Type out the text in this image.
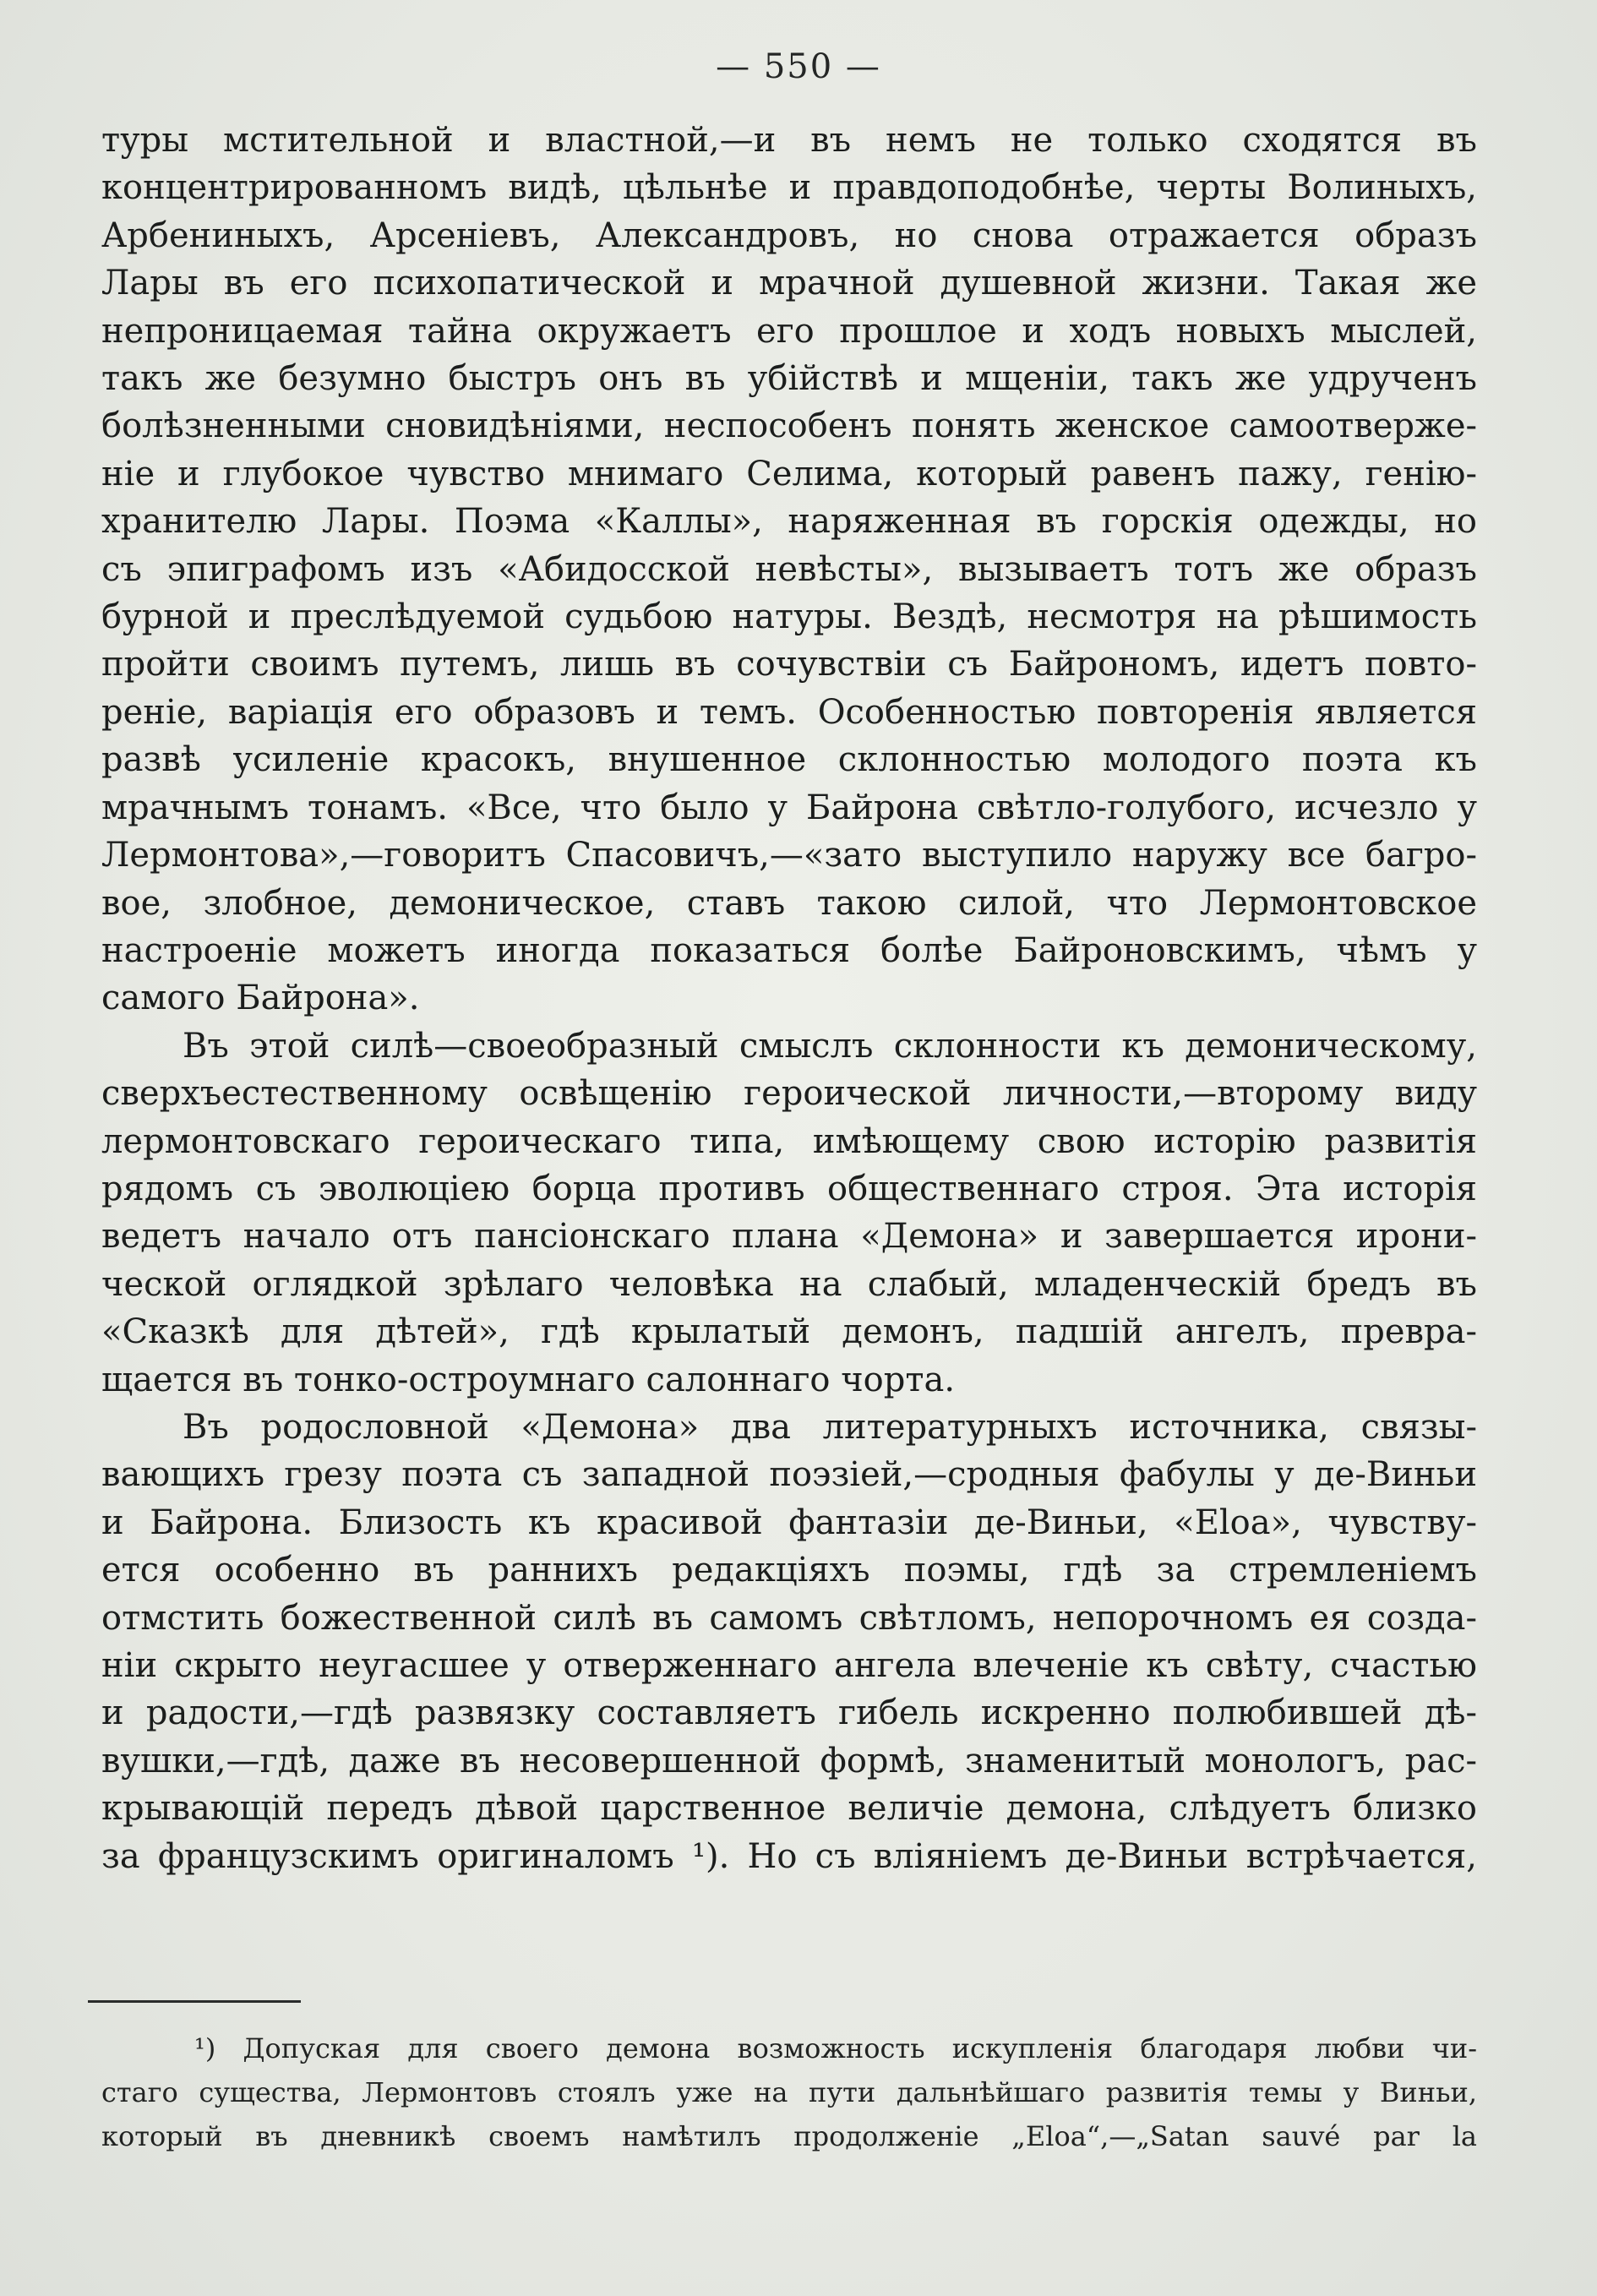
— 550 —

туры мстительной и властной,—и въ немъ не только сходятся въ
концентрированномъ видѣ, цѣльнѣе и правдоподобнѣе, черты Волиныхъ,
Арбениныхъ, Арсенiевъ, Александровъ, но снова отражается образъ
Лары въ его психопатической и мрачной душевной жизни. Такая же
непроницаемая тайна окружаетъ его прошлое и ходъ новыхъ мыслей,
такъ же безумно быстръ онъ въ убiйствѣ и мщенiи, такъ же удрученъ
болѣзненными сновидѣнiями, неспособенъ понять женское самоотверже-
нiе и глубокое чувство мнимаго Селима, который равенъ пажу, генiю-
хранителю Лары. Поэма «Каллы», наряженная въ горскiя одежды, но
съ эпиграфомъ изъ «Абидосской невѣсты», вызываетъ тотъ же образъ
бурной и преслѣдуемой судьбою натуры. Вездѣ, несмотря на рѣшимость
пройти своимъ путемъ, лишь въ сочувствiи съ Байрономъ, идетъ повто-
ренiе, варiацiя его образовъ и темъ. Особенностью повторенiя является
развѣ усиленiе красокъ, внушенное склонностью молодого поэта къ
мрачнымъ тонамъ. «Все, что было у Байрона свѣтло-голубого, исчезло у
Лермонтова»,—говоритъ Спасовичъ,—«зато выступило наружу все багро-
вое, злобное, демоническое, ставъ такою силой, что Лермонтовское
настроенiе можетъ иногда показаться болѣе Байроновскимъ, чѣмъ у
самого Байрона».

Въ этой силѣ—своеобразный смыслъ склонности къ демоническому,
сверхъестественному освѣщенiю героической личности,—второму виду
лермонтовскаго героическаго типа, имѣющему свою исторiю развитiя
рядомъ съ эволюцiею борца противъ общественнаго строя. Эта исторiя
ведетъ начало отъ пансiонскаго плана «Демона» и завершается ирони-
ческой оглядкой зрѣлаго человѣка на слабый, младенческiй бредъ въ
«Сказкѣ для дѣтей», гдѣ крылатый демонъ, падшiй ангелъ, превра-
щается въ тонко-остроумнаго салоннаго чорта.

Въ родословной «Демона» два литературныхъ источника, связы-
вающихъ грезу поэта съ западной поэзiей,—сродныя фабулы у де-Виньи
и Байрона. Близость къ красивой фантазiи де-Виньи, «Eloa», чувству-
ется особенно въ раннихъ редакцiяхъ поэмы, гдѣ за стремленiемъ
отмстить божественной силѣ въ самомъ свѣтломъ, непорочномъ ея созда-
нiи скрыто неугасшее у отверженнаго ангела влеченiе къ свѣту, счастью
и радости,—гдѣ развязку составляетъ гибель искренно полюбившей дѣ-
вушки,—гдѣ, даже въ несовершенной формѣ, знаменитый монологъ, рас-
крывающiй передъ дѣвой царственное величiе демона, слѣдуетъ близко
за французскимъ оригиналомъ ¹). Но съ влiянiемъ де-Виньи встрѣчается,

¹) Допуская для своего демона возможность искупленiя благодаря любви чи-
стаго существа, Лермонтовъ стоялъ уже на пути дальнѣйшаго развитiя темы у Виньи,
который въ дневникѣ своемъ намѣтилъ продолженiе „Eloa“,—„Satan sauvé par la
